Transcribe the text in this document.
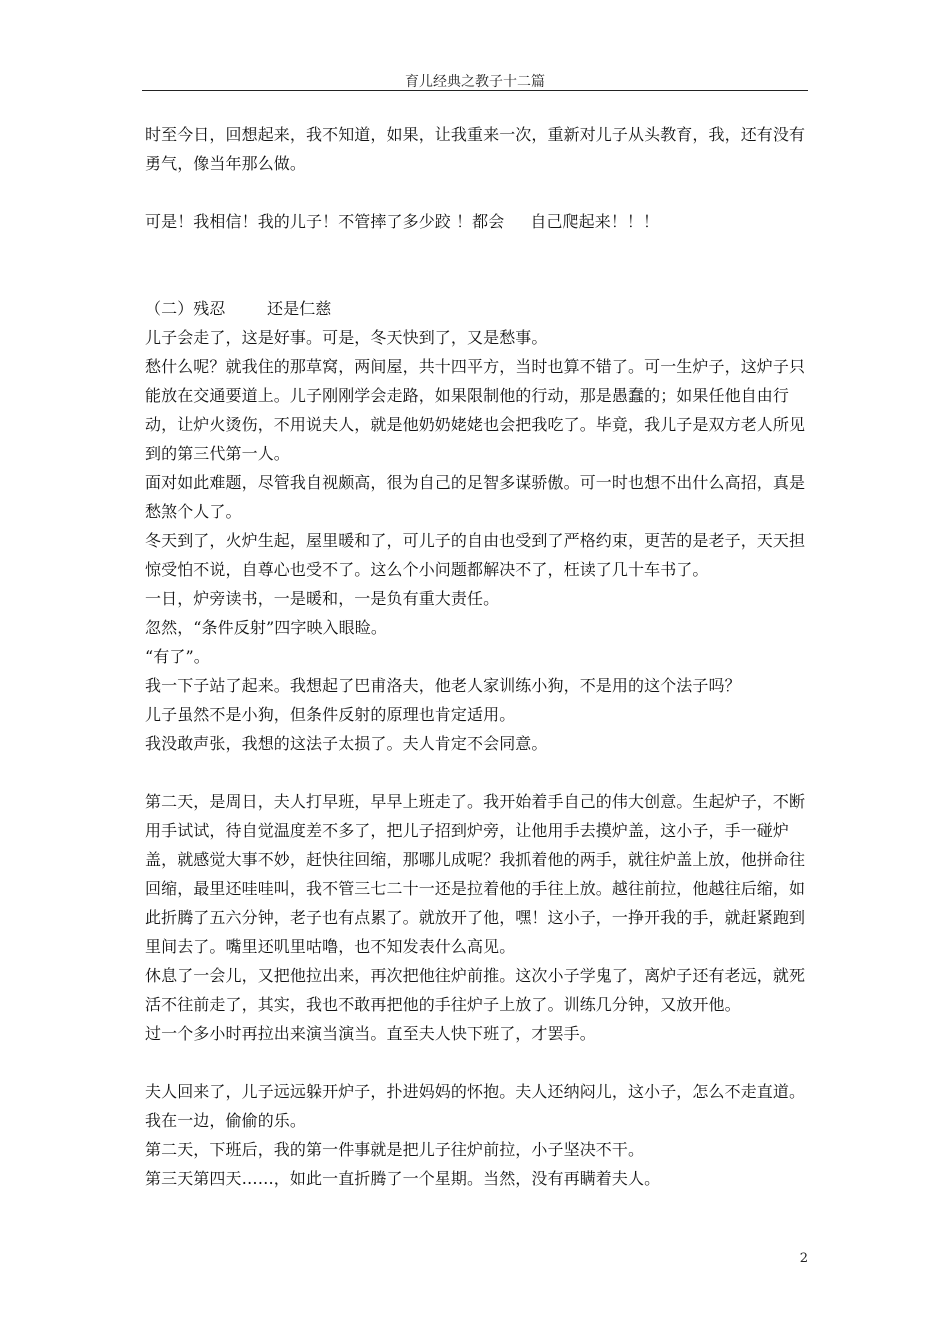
育儿经典之教子十二篇

时至今日，回想起来，我不知道，如果，让我重来一次，重新对儿子从头教育，我，还有没有勇气，像当年那么做。

可是！我相信！我的儿子！不管摔了多少跤 ！都会     自己爬起来！！！

（二）残忍        还是仁慈

儿子会走了，这是好事。可是，冬天快到了，又是愁事。

愁什么呢？就我住的那草窝，两间屋，共十四平方，当时也算不错了。可一生炉子，这炉子只能放在交通要道上。儿子刚刚学会走路，如果限制他的行动，那是愚蠢的；如果任他自由行动，让炉火烫伤，不用说夫人，就是他奶奶姥姥也会把我吃了。毕竟，我儿子是双方老人所见到的第三代第一人。

面对如此难题，尽管我自视颇高，很为自己的足智多谋骄傲。可一时也想不出什么高招，真是愁煞个人了。

冬天到了，火炉生起，屋里暖和了，可儿子的自由也受到了严格约束，更苦的是老子，天天担惊受怕不说，自尊心也受不了。这么个小问题都解决不了，枉读了几十车书了。

一日，炉旁读书，一是暖和，一是负有重大责任。

忽然，“条件反射”四字映入眼睑。

“有了”。

我一下子站了起来。我想起了巴甫洛夫，他老人家训练小狗，不是用的这个法子吗？

儿子虽然不是小狗，但条件反射的原理也肯定适用。

我没敢声张，我想的这法子太损了。夫人肯定不会同意。

第二天，是周日，夫人打早班，早早上班走了。我开始着手自己的伟大创意。生起炉子，不断用手试试，待自觉温度差不多了，把儿子招到炉旁，让他用手去摸炉盖，这小子，手一碰炉盖，就感觉大事不妙，赶快往回缩，那哪儿成呢？我抓着他的两手，就往炉盖上放，他拼命往回缩，最里还哇哇叫，我不管三七二十一还是拉着他的手往上放。越往前拉，他越往后缩，如此折腾了五六分钟，老子也有点累了。就放开了他，嘿！这小子，一挣开我的手，就赶紧跑到里间去了。嘴里还叽里咕噜，也不知发表什么高见。

休息了一会儿，又把他拉出来，再次把他往炉前推。这次小子学鬼了，离炉子还有老远，就死活不往前走了，其实，我也不敢再把他的手往炉子上放了。训练几分钟，又放开他。

过一个多小时再拉出来演当演当。直至夫人快下班了，才罢手。

夫人回来了，儿子远远躲开炉子，扑进妈妈的怀抱。夫人还纳闷儿，这小子，怎么不走直道。我在一边，偷偷的乐。

第二天，下班后，我的第一件事就是把儿子往炉前拉，小子坚决不干。

第三天第四天……，如此一直折腾了一个星期。当然，没有再瞒着夫人。

2
